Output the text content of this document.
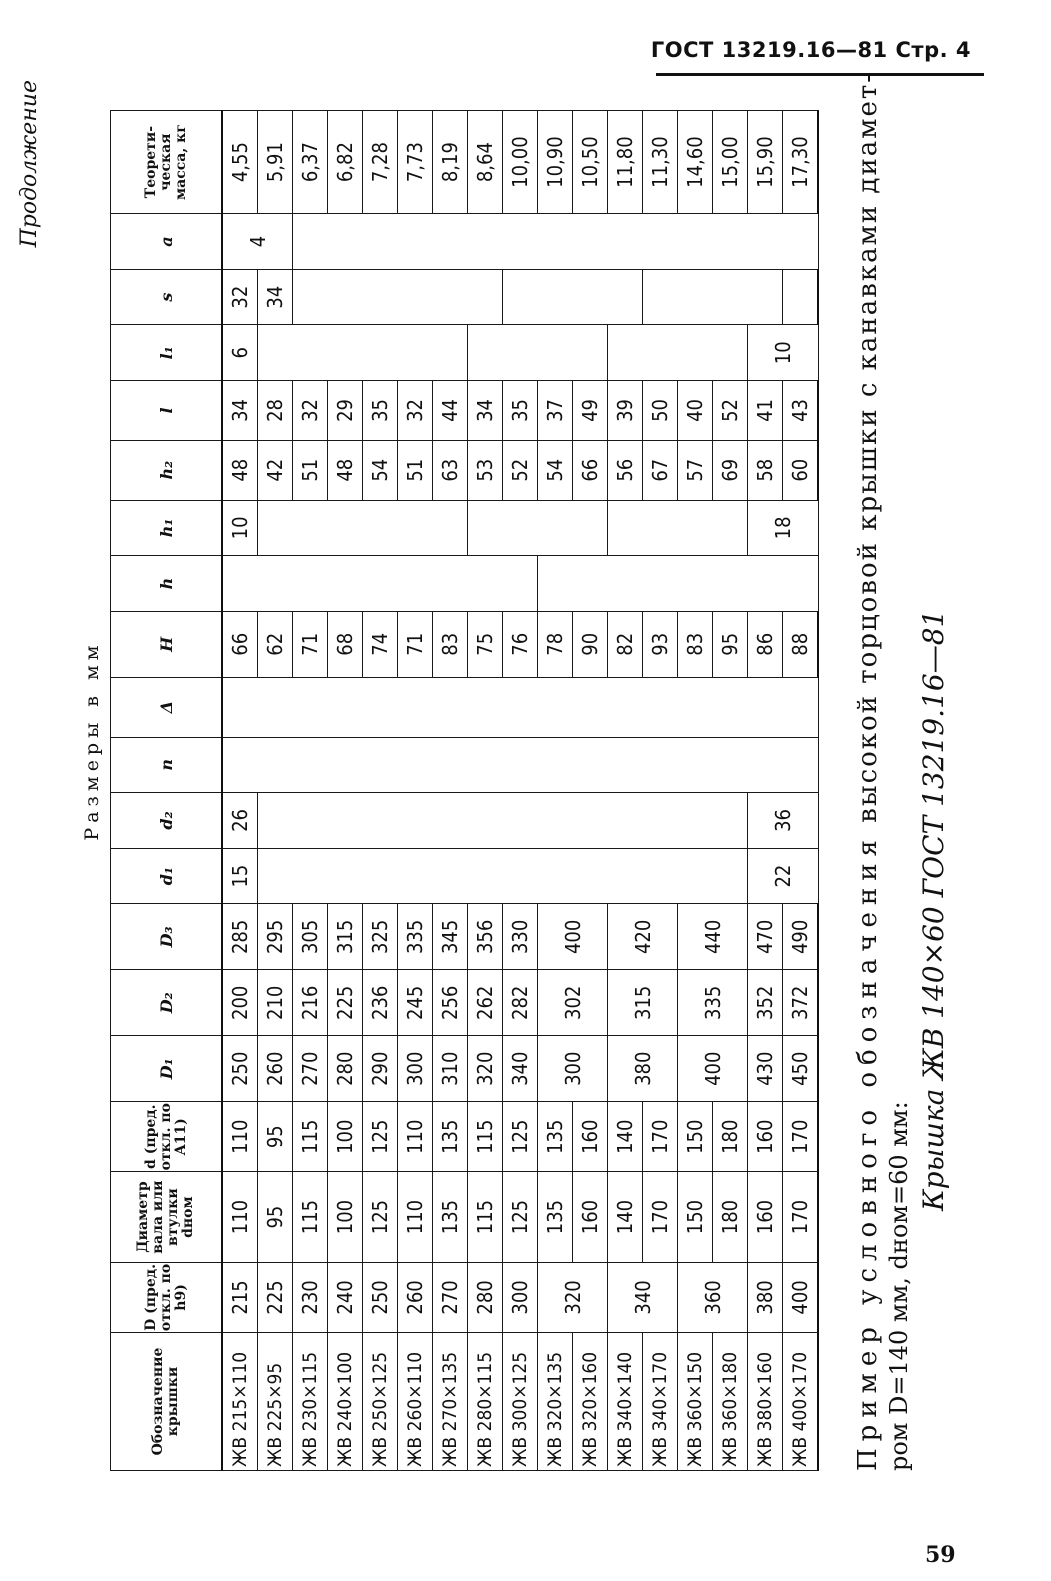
ГОСТ 13219.16—81 Стр. 4
59
Продолжение
Размеры в мм
Обозначение крышки	D (пред. откл. по h9)	Диаметр вала или втулки dном	d (пред. откл. по A11)	D₁	D₂	D₃	d₁	d₂	n	Δ	H	h	h₁	h₂	l	l₁	s	a	Теорети-ческая масса, кг
ЖВ 215×110	215	110	110	250	200	285	15	26			66		10	48	34	6	32	4	4,55
ЖВ 225×95	225	95	95	260	210	295					62			42	28		34		5,91
ЖВ 230×115	230	115	115	270	216	305					71			51	32				6,37
ЖВ 240×100	240	100	100	280	225	315					68			48	29				6,82
ЖВ 250×125	250	125	125	290	236	325					74			54	35				7,28
ЖВ 260×110	260	110	110	300	245	335					71			51	32				7,73
ЖВ 270×135	270	135	135	310	256	345					83			63	44				8,19
ЖВ 280×115	280	115	115	320	262	356					75			53	34				8,64
ЖВ 300×125	300	125	125	340	282	330					76			52	35				10,00
ЖВ 320×135	320	135	135	300	302	400					78			54	37				10,90
ЖВ 320×160		160	160								90			66	49				10,50
ЖВ 340×140	340	140	140	380	315	420					82			56	39				11,80
ЖВ 340×170		170	170								93			67	50				11,30
ЖВ 360×150	360	150	150	400	335	440					83			57	40				14,60
ЖВ 360×180		180	180								95			69	52				15,00
ЖВ 380×160	380	160	160	430	352	470	22	36			86		18	58	41	10			15,90
ЖВ 400×170	400	170	170	450	372	490					88			60	43				17,30
Пример условного обозначения высокой торцовой крышки с канавками диамет-
ром D=140 мм, dном=60 мм:
Крышка ЖВ 140×60 ГОСТ 13219.16—81
